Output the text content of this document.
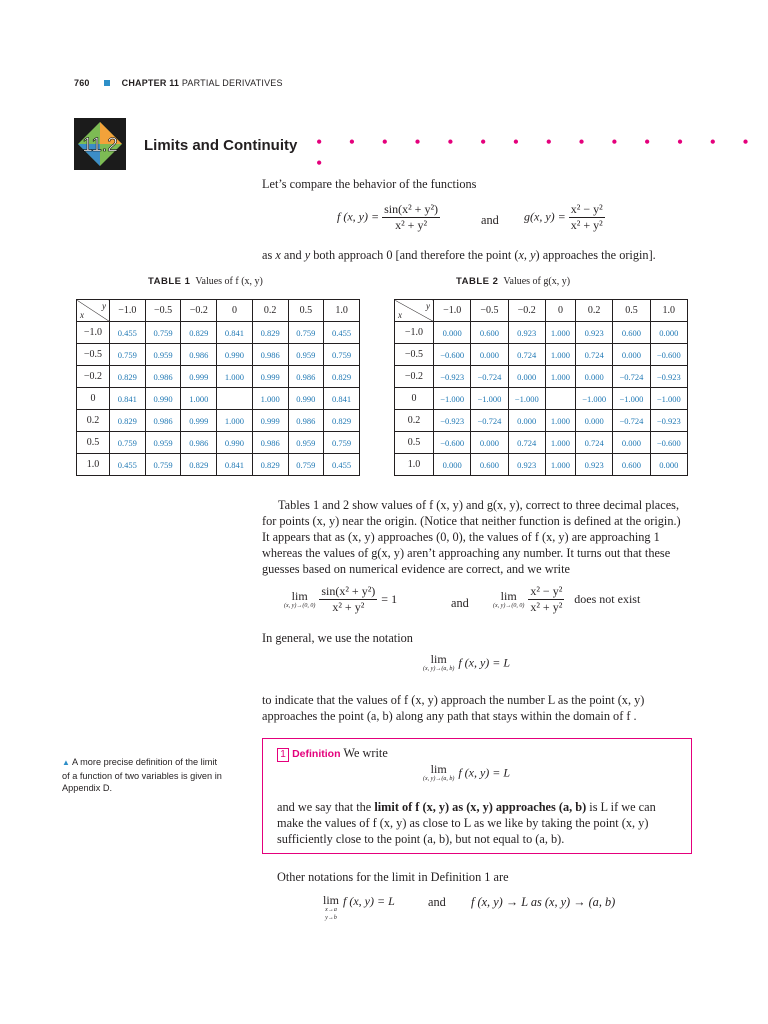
760	CHAPTER 11 PARTIAL DERIVATIVES
11.2 Limits and Continuity • • • • • • • • • • • • • • •
Let’s compare the behavior of the functions
f (x, $y) = \frac{\text{sin(x² + y²)}}{\text{x² + y²}}$	and g(x, $y) = \frac{\text{x² − y²}}{\text{x² + y²}}$
as x and y both approach 0 [and therefore the point (x, y) approaches the origin].
TABLE 1 Values of f (x, y)	TABLE 2 Values of g(x, y)
y
x	−1.0	−0.5	−0.2	0	0.2	0.5	1.0
−1.0	0.455	0.759	0.829	0.841	0.829	0.759	0.455
−0.5	0.759	0.959	0.986	0.990	0.986	0.959	0.759
−0.2	0.829	0.986	0.999	1.000	0.999	0.986	0.829
0	0.841	0.990	1.000		1.000	0.990	0.841
0.2	0.829	0.986	0.999	1.000	0.999	0.986	0.829
0.5	0.759	0.959	0.986	0.990	0.986	0.959	0.759
1.0	0.455	0.759	0.829	0.841	0.829	0.759	0.455
y
x	−1.0	−0.5	−0.2	0	0.2	0.5	1.0
−1.0	0.000	0.600	0.923	1.000	0.923	0.600	0.000
−0.5	−0.600	0.000	0.724	1.000	0.724	0.000	−0.600
−0.2	−0.923	−0.724	0.000	1.000	0.000	−0.724	−0.923
0	−1.000	−1.000	−1.000		−1.000	−1.000	−1.000
0.2	−0.923	−0.724	0.000	1.000	0.000	−0.724	−0.923
0.5	−0.600	0.000	0.724	1.000	0.724	0.000	−0.600
1.0	0.000	0.600	0.923	1.000	0.923	0.600	0.000
Tables 1 and 2 show values of f (x, y) and g(x, y), correct to three decimal places,
for points (x, y) near the origin. (Notice that neither function is defined at the origin.)
It appears that as (x, y) approaches (0, 0), the values of f (x, y) are approaching 1
whereas the values of g(x, y) aren’t approaching any number. It turns out that these
guesses based on numerical evidence are correct, and we write
lim
(x, y)→(0, 0)
$\frac{\text{sin(x² + y²)}}{\text{x² + y²}} = 1$	and
lim
(x, y)→(0, 0)
$\frac{\text{x² − y²}}{\text{x² + y²}}$ does not exist
In general, we use the notation
lim
(x, y)→(a, b) f (x, y) = L
to indicate that the values of f (x, y) approach the number L as the point (x, y)
approaches the point (a, b) along any path that stays within the domain of f .
▲ A more precise definition of the limit
of a function of two variables is given in
Appendix D.
1 Definition We write
lim
(x, y)→(a, b) f (x, y) = L
and we say that the limit of f (x, y) as (x, y) approaches (a, b) is L if we can
make the values of f (x, y) as close to L as we like by taking the point (x, y)
sufficiently close to the point (a, b), but not equal to (a, b).
Other notations for the limit in Definition 1 are
lim
x→a
y→b
$^{f (x, y) = L}$	and f (x, y) → L as (x, y) → (a, b)
